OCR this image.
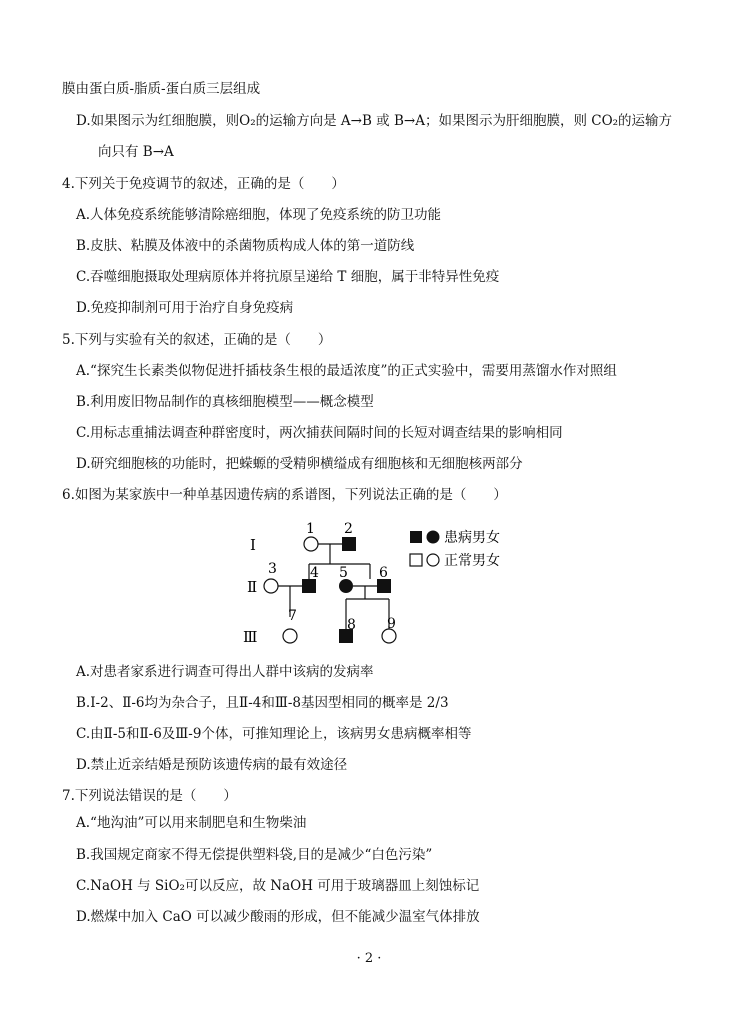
膜由蛋白质-脂质-蛋白质三层组成
D.如果图示为红细胞膜，则O₂的运输方向是 A→B 或 B→A；如果图示为肝细胞膜，则 CO₂的运输方
向只有 B→A
4.下列关于免疫调节的叙述，正确的是（　　）
A.人体免疫系统能够清除癌细胞，体现了免疫系统的防卫功能
B.皮肤、粘膜及体液中的杀菌物质构成人体的第一道防线
C.吞噬细胞摄取处理病原体并将抗原呈递给 T 细胞，属于非特异性免疫
D.免疫抑制剂可用于治疗自身免疫病
5.下列与实验有关的叙述，正确的是（　　）
A.“探究生长素类似物促进扦插枝条生根的最适浓度”的正式实验中，需要用蒸馏水作对照组
B.利用废旧物品制作的真核细胞模型——概念模型
C.用标志重捕法调查种群密度时，两次捕获间隔时间的长短对调查结果的影响相同
D.研究细胞核的功能时，把蝾螈的受精卵横缢成有细胞核和无细胞核两部分
6.如图为某家族中一种单基因遗传病的系谱图，下列说法正确的是（　　）
Ⅰ
Ⅱ
Ⅲ
1 2
3 4 5 6
7
8 9
患病男女
正常男女
A.对患者家系进行调查可得出人群中该病的发病率
B.Ⅰ-2、Ⅱ-6均为杂合子，且Ⅱ-4和Ⅲ-8基因型相同的概率是 2/3
C.由Ⅱ-5和Ⅱ-6及Ⅲ-9个体，可推知理论上，该病男女患病概率相等
D.禁止近亲结婚是预防该遗传病的最有效途径
7.下列说法错误的是（　　）
A.“地沟油”可以用来制肥皂和生物柴油
B.我国规定商家不得无偿提供塑料袋,目的是减少“白色污染”
C.NaOH 与 SiO₂可以反应，故 NaOH 可用于玻璃器皿上刻蚀标记
D.燃煤中加入 CaO 可以减少酸雨的形成，但不能减少温室气体排放
· 2 ·
